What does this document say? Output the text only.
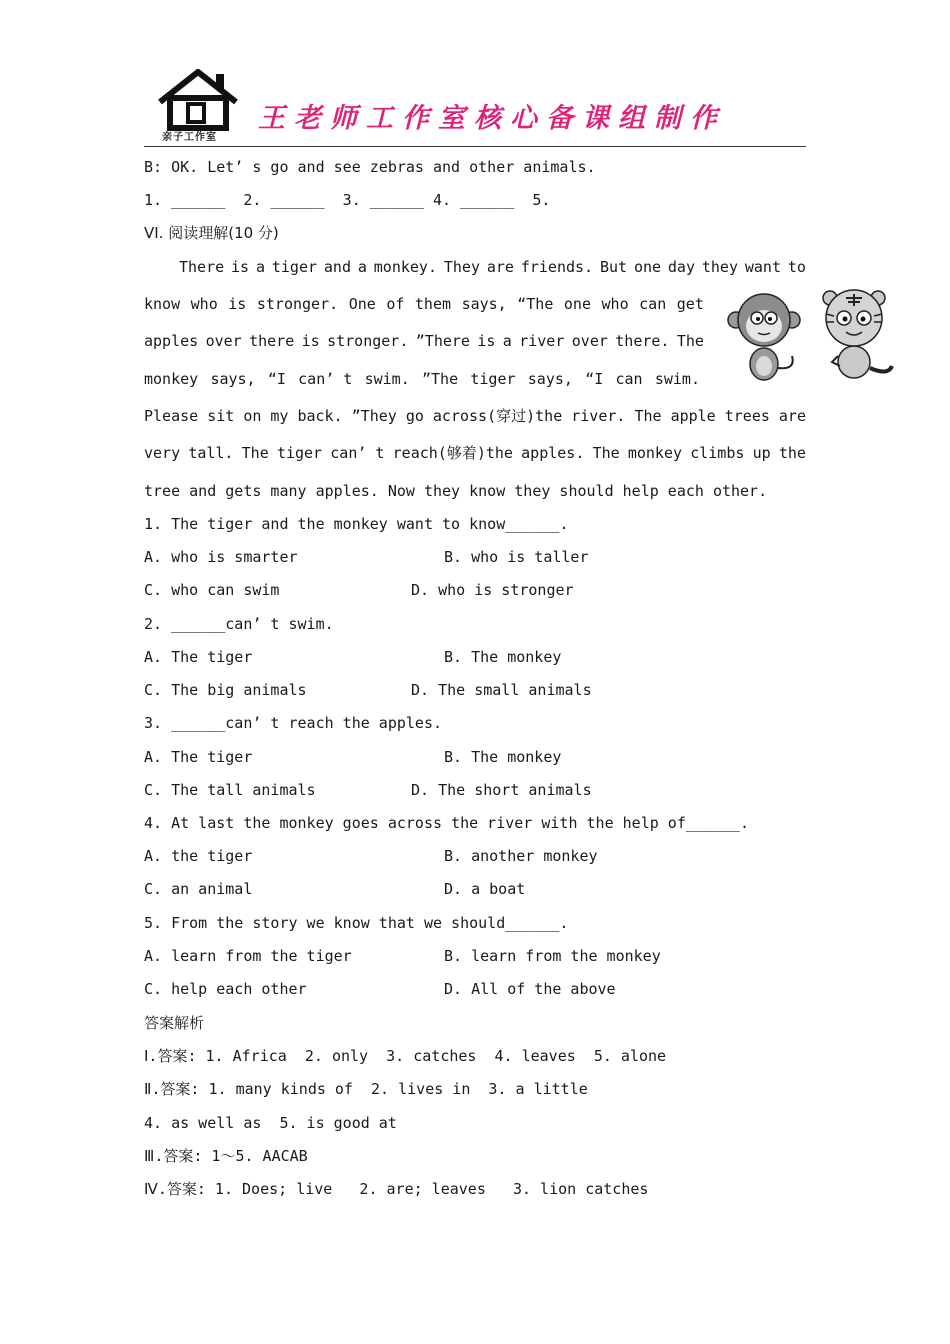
亲子工作室
王老师工作室核心备课组制作
B: OK. Let’ s go and see zebras and other animals.
1. ______  2. ______  3. ______ 4. ______  5.
VI. 阅读理解(10 分)
There is a tiger and a monkey. They are friends. But one day they want to
know who is stronger. One of them says, “The one who can get
apples over there is stronger. ”There is a river over there. The
monkey says, “I can’ t swim. ”The tiger says, “I can swim.
Please sit on my back. ”They go across(穿过)the river. The apple trees are
very tall. The tiger can’ t reach(够着)the apples. The monkey climbs up the
tree and gets many apples. Now they know they should help each other.
1. The tiger and the monkey want to know______.
A. who is smarter	B. who is taller
C. who can swim	D. who is stronger
2. ______can’ t swim.
A. The tiger	B. The monkey
C. The big animals	D. The small animals
3. ______can’ t reach the apples.
A. The tiger	B. The monkey
C. The tall animals	D. The short animals
4. At last the monkey goes across the river with the help of______.
A. the tiger	B. another monkey
C. an animal	D. a boat
5. From the story we know that we should______.
A. learn from the tiger	B. learn from the monkey
C. help each other	D. All of the above
答案解析
Ⅰ.答案: 1. Africa  2. only  3. catches  4. leaves  5. alone
Ⅱ.答案: 1. many kinds of  2. lives in  3. a little
4. as well as  5. is good at
Ⅲ.答案: 1～5. AACAB
Ⅳ.答案: 1. Does; live   2. are; leaves   3. lion catches
